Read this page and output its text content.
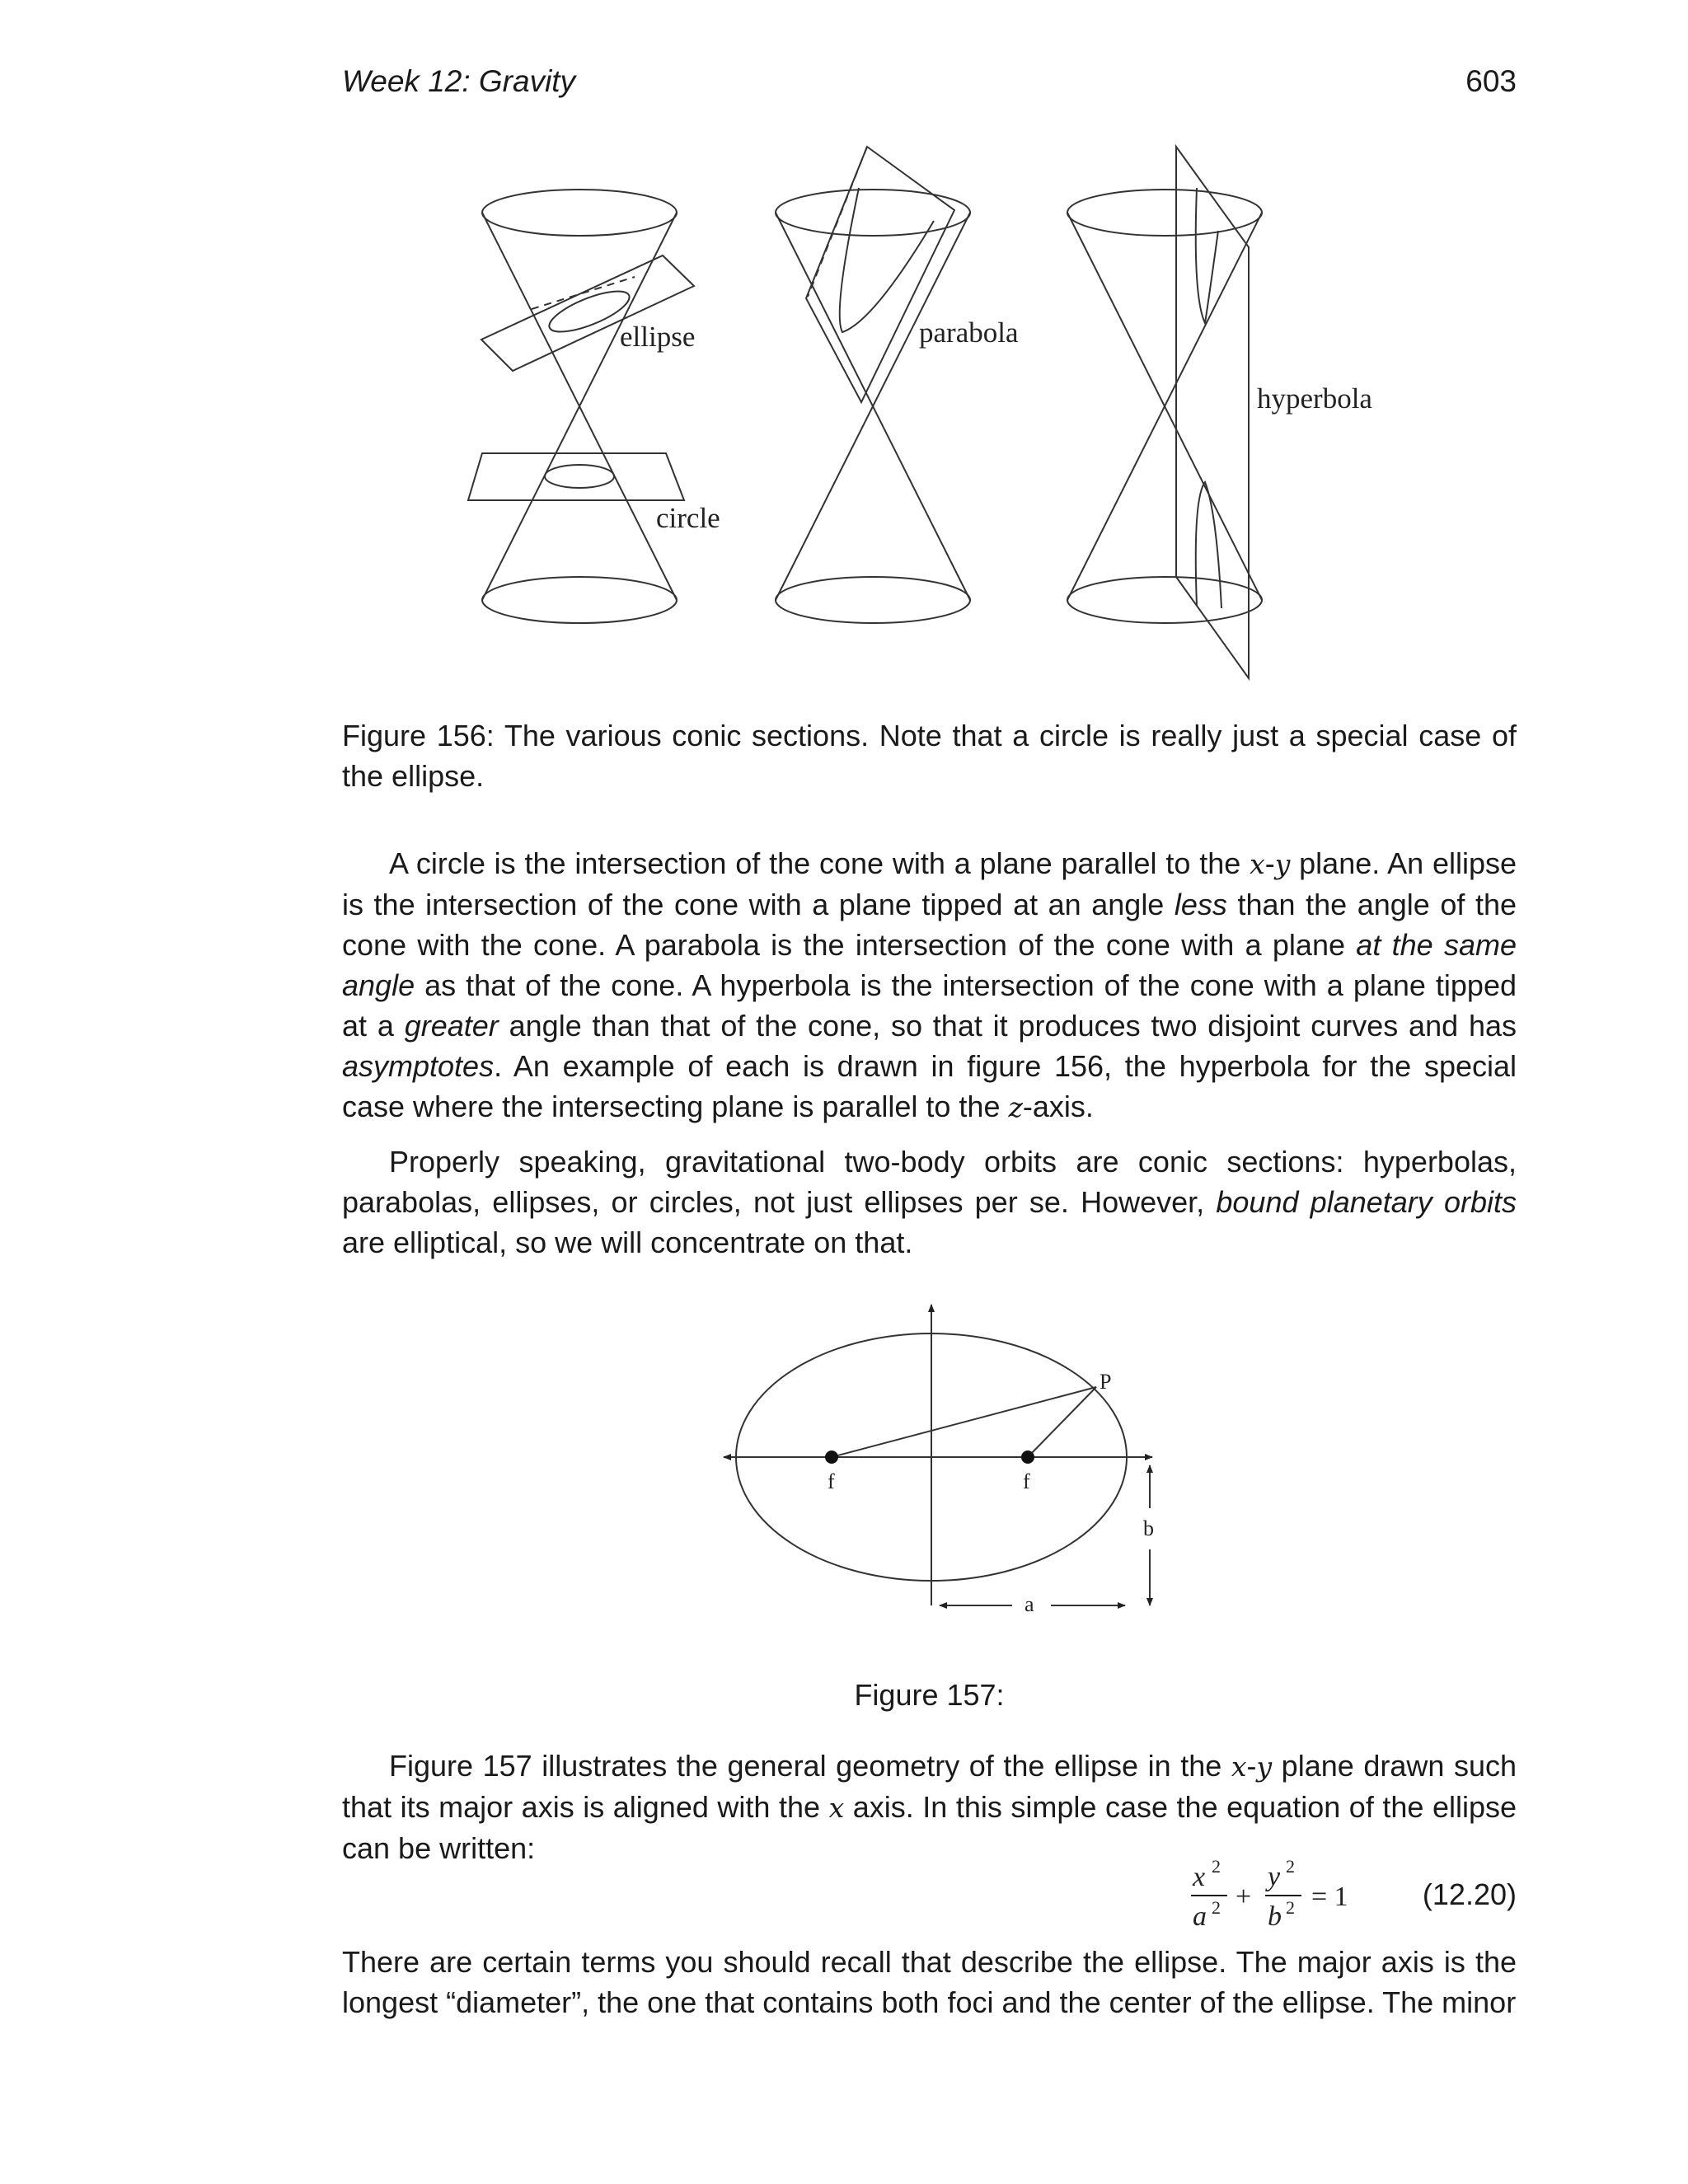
Week 12: Gravity	603
ellipse
circle
parabola
hyperbola
Figure 156: The various conic sections. Note that a circle is really just a special case of the ellipse.

A circle is the intersection of the cone with a plane parallel to the x-y plane. An ellipse is the intersection of the cone with a plane tipped at an angle less than the angle of the cone with the cone. A parabola is the intersection of the cone with a plane at the same angle as that of the cone. A hyperbola is the intersection of the cone with a plane tipped at a greater angle than that of the cone, so that it produces two disjoint curves and has asymptotes. An example of each is drawn in figure 156, the hyperbola for the special case where the intersecting plane is parallel to the z-axis.

Properly speaking, gravitational two-body orbits are conic sections: hyperbolas, parabolas, ellipses, or circles, not just ellipses per se. However, bound planetary orbits are elliptical, so we will concentrate on that.

P
f	f
b
a
Figure 157:

Figure 157 illustrates the general geometry of the ellipse in the x-y plane drawn such that its major axis is aligned with the x axis. In this simple case the equation of the ellipse can be written:

x 2
a 2 +
y 2
b 2 = 1	(12.20)

There are certain terms you should recall that describe the ellipse. The major axis is the longest “diameter”, the one that contains both foci and the center of the ellipse. The minor
